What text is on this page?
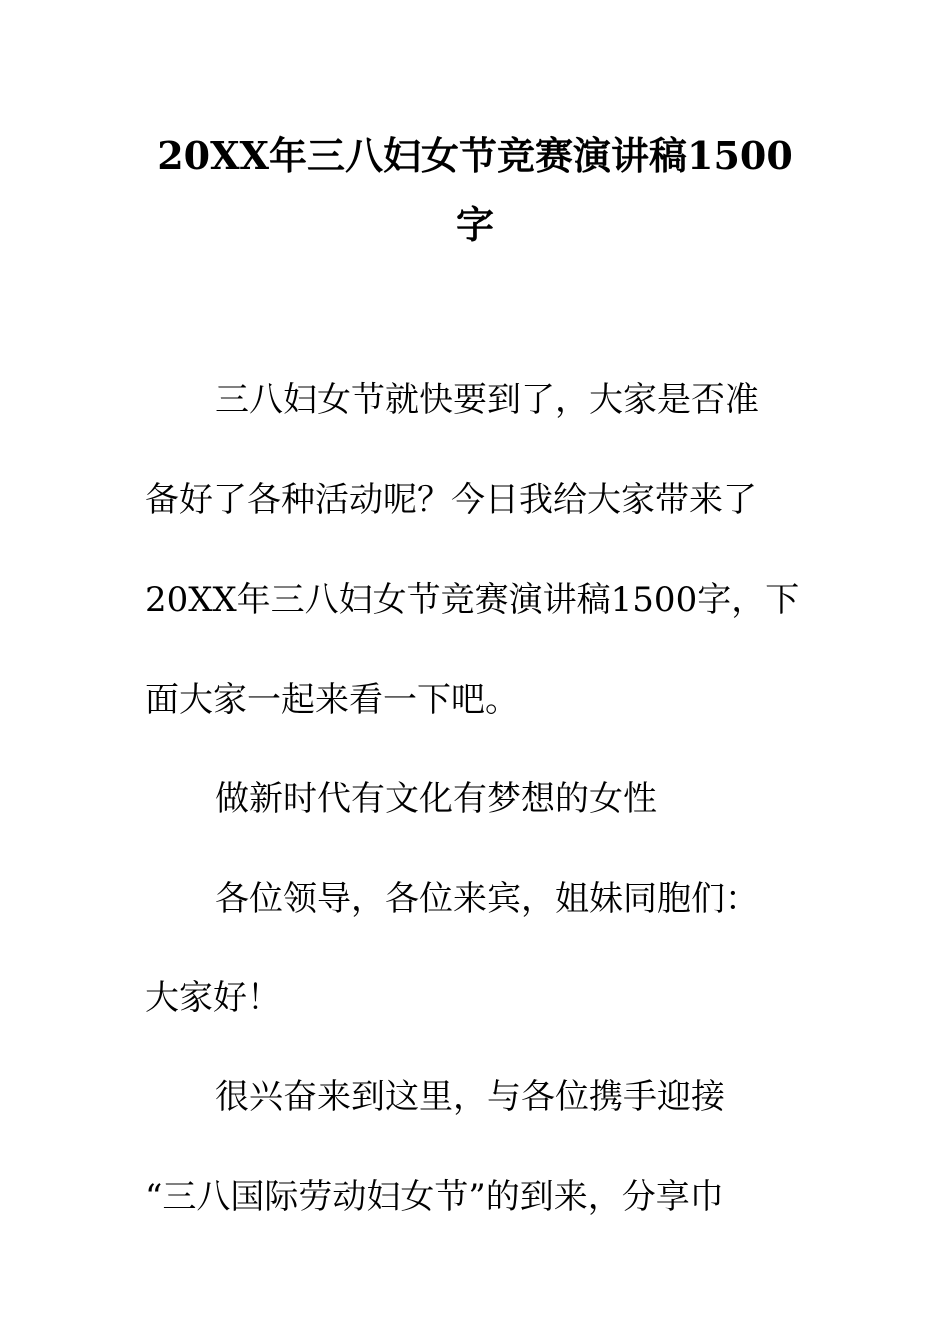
20XX年三八妇女节竞赛演讲稿1500
字
三八妇女节就快要到了，大家是否准
备好了各种活动呢？今日我给大家带来了
20XX年三八妇女节竞赛演讲稿1500字，下
面大家一起来看一下吧。
做新时代有文化有梦想的女性
各位领导，各位来宾，姐妹同胞们：
大家好！
很兴奋来到这里，与各位携手迎接
“三八国际劳动妇女节”的到来，分享巾
